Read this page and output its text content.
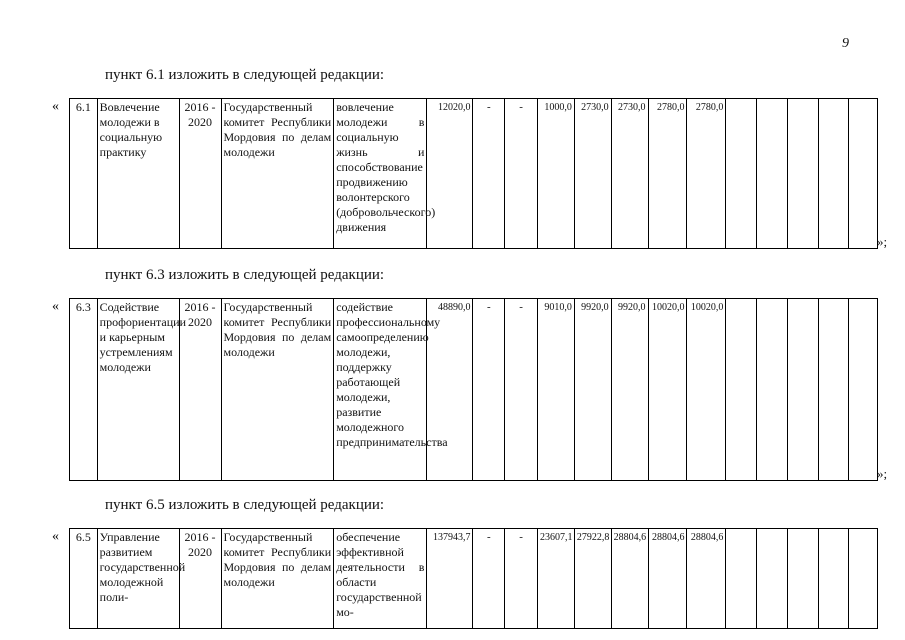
9
пункт 6.1 изложить в следующей редакции:
« 6.1	Вовлечение молодежи в социальную практику	2016 - 2020	Государственный комитет Республики Мордовия по делам молодежи	вовлечение молодежи в социальную жизнь и способствование продвижению волонтерского (добровольческого) движения	12020,0	-	-	1000,0	2730,0	2730,0	2780,0	2780,0					
»;
пункт 6.3 изложить в следующей редакции:
« 6.3	Содействие профориентации и карьерным устремлениям молодежи	2016 - 2020	Государственный комитет Республики Мордовия по делам молодежи	содействие профессиональному самоопределению молодежи, поддержку работающей молодежи, развитие молодежного предпринимательства	48890,0	-	-	9010,0	9920,0	9920,0	10020,0	10020,0					
»;
пункт 6.5 изложить в следующей редакции:
« 6.5	Управление развитием государственной молодежной поли-	2016 - 2020	Государственный комитет Республики Мордовия по делам молодежи	обеспечение эффективной деятельности в области государственной мо-	137943,7	-	-	23607,1	27922,8	28804,6	28804,6	28804,6					
